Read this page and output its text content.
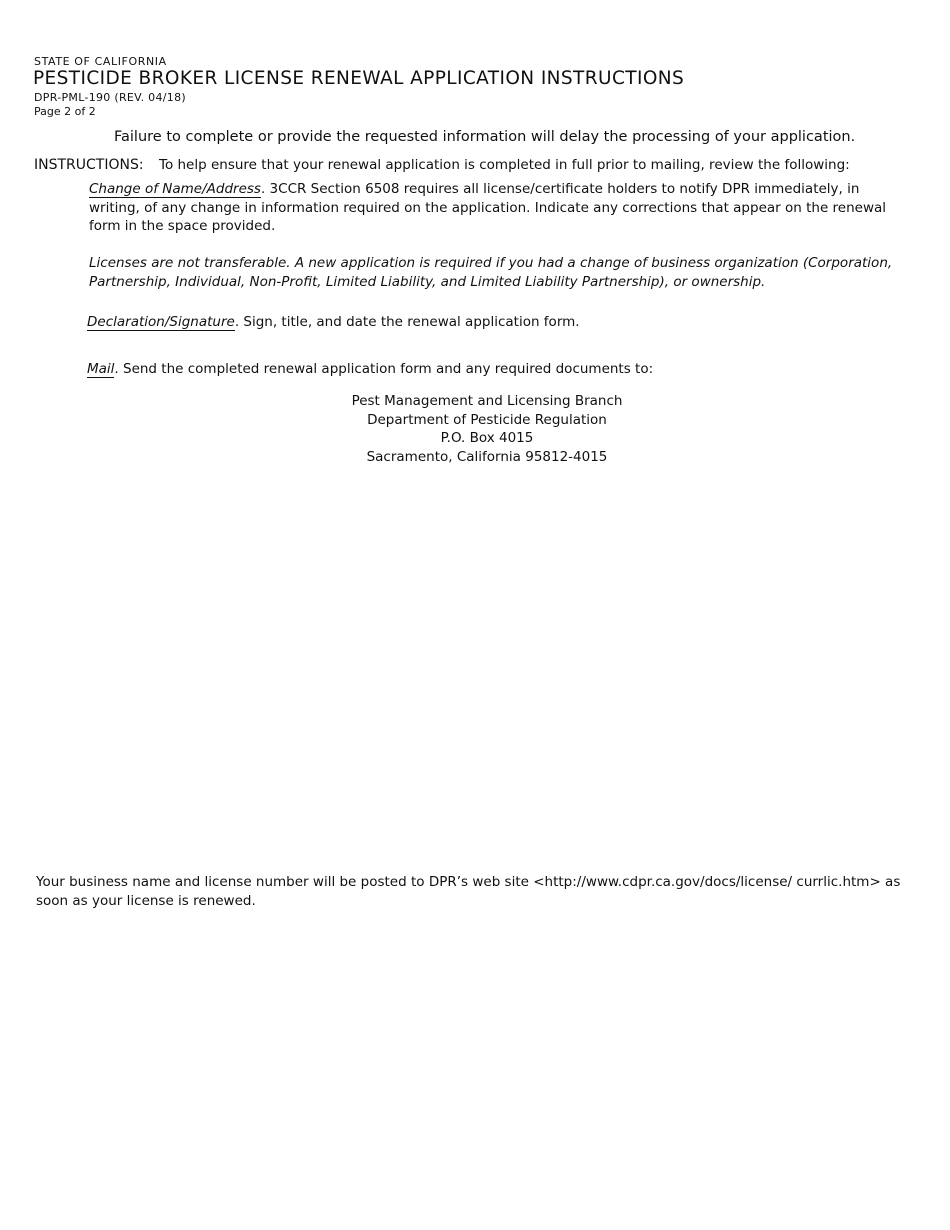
STATE OF CALIFORNIA
PESTICIDE BROKER LICENSE RENEWAL APPLICATION INSTRUCTIONS
DPR-PML-190 (REV. 04/18)
Page 2 of 2
Failure to complete or provide the requested information will delay the processing of your application.
INSTRUCTIONS: To help ensure that your renewal application is completed in full prior to mailing, review the following:
Change of Name/Address. 3CCR Section 6508 requires all license/certificate holders to notify DPR immediately, in writing, of any change in information required on the application. Indicate any corrections that appear on the renewal form in the space provided.
Licenses are not transferable. A new application is required if you had a change of business organization (Corporation, Partnership, Individual, Non-Profit, Limited Liability, and Limited Liability Partnership), or ownership.
Declaration/Signature. Sign, title, and date the renewal application form.
Mail. Send the completed renewal application form and any required documents to:
Pest Management and Licensing Branch
Department of Pesticide Regulation
P.O. Box 4015
Sacramento, California 95812-4015
Your business name and license number will be posted to DPR’s web site <http://www.cdpr.ca.gov/docs/license/ currlic.htm> as soon as your license is renewed.
